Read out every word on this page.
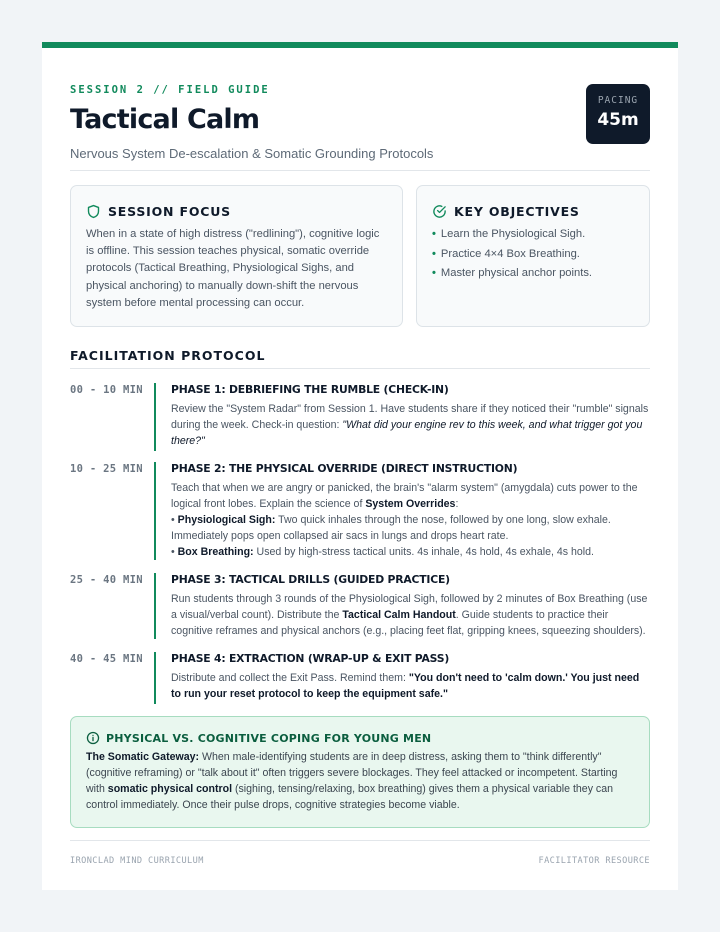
SESSION 2 // FIELD GUIDE
Tactical Calm
Nervous System De-escalation & Somatic Grounding Protocols
PACING
45m
SESSION FOCUS
When in a state of high distress ("redlining"), cognitive logic is offline. This session teaches physical, somatic override protocols (Tactical Breathing, Physiological Sighs, and physical anchoring) to manually down-shift the nervous system before mental processing can occur.
KEY OBJECTIVES
• Learn the Physiological Sigh.
• Practice 4×4 Box Breathing.
• Master physical anchor points.
FACILITATION PROTOCOL
00 - 10 MIN	PHASE 1: DEBRIEFING THE RUMBLE (CHECK-IN)
Review the "System Radar" from Session 1. Have students share if they noticed their "rumble" signals during the week. Check-in question: "What did your engine rev to this week, and what trigger got you there?"
10 - 25 MIN	PHASE 2: THE PHYSICAL OVERRIDE (DIRECT INSTRUCTION)
Teach that when we are angry or panicked, the brain's "alarm system" (amygdala) cuts power to the logical front lobes. Explain the science of System Overrides:
• Physiological Sigh: Two quick inhales through the nose, followed by one long, slow exhale. Immediately pops open collapsed air sacs in lungs and drops heart rate.
• Box Breathing: Used by high-stress tactical units. 4s inhale, 4s hold, 4s exhale, 4s hold.
25 - 40 MIN	PHASE 3: TACTICAL DRILLS (GUIDED PRACTICE)
Run students through 3 rounds of the Physiological Sigh, followed by 2 minutes of Box Breathing (use a visual/verbal count). Distribute the Tactical Calm Handout. Guide students to practice their cognitive reframes and physical anchors (e.g., placing feet flat, gripping knees, squeezing shoulders).
40 - 45 MIN	PHASE 4: EXTRACTION (WRAP-UP & EXIT PASS)
Distribute and collect the Exit Pass. Remind them: "You don't need to 'calm down.' You just need to run your reset protocol to keep the equipment safe."
PHYSICAL VS. COGNITIVE COPING FOR YOUNG MEN
The Somatic Gateway: When male-identifying students are in deep distress, asking them to "think differently" (cognitive reframing) or "talk about it" often triggers severe blockages. They feel attacked or incompetent. Starting with somatic physical control (sighing, tensing/relaxing, box breathing) gives them a physical variable they can control immediately. Once their pulse drops, cognitive strategies become viable.
IRONCLAD MIND CURRICULUM	FACILITATOR RESOURCE
